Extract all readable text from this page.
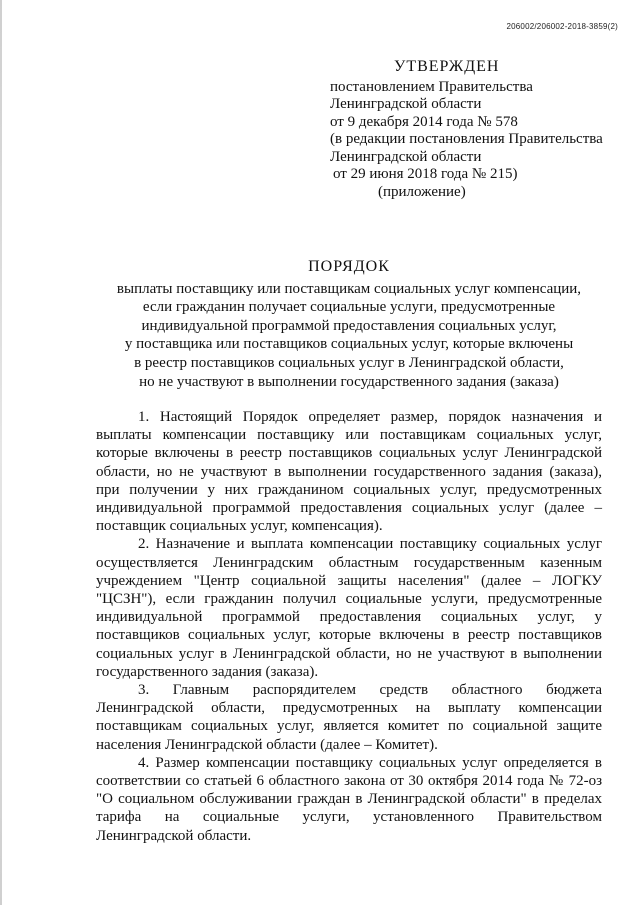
206002/206002-2018-3859(2)
УТВЕРЖДЕН
постановлением Правительства
Ленинградской области
от 9 декабря 2014 года № 578
(в редакции постановления Правительства
Ленинградской области
от 29 июня 2018 года № 215)
(приложение)
ПОРЯДОК
выплаты поставщику или поставщикам социальных услуг компенсации,
если гражданин получает социальные услуги, предусмотренные
индивидуальной программой предоставления социальных услуг,
у поставщика или поставщиков социальных услуг, которые включены
в реестр поставщиков социальных услуг в Ленинградской области,
но не участвуют в выполнении государственного задания (заказа)

1. Настоящий Порядок определяет размер, порядок назначения и выплаты компенсации поставщику или поставщикам социальных услуг, которые включены в реестр поставщиков социальных услуг Ленинградской области, но не участвуют в выполнении государственного задания (заказа), при получении у них гражданином социальных услуг, предусмотренных индивидуальной программой предоставления социальных услуг (далее – поставщик социальных услуг, компенсация).

2. Назначение и выплата компенсации поставщику социальных услуг осуществляется Ленинградским областным государственным казенным учреждением "Центр социальной защиты населения" (далее – ЛОГКУ "ЦСЗН"), если гражданин получил социальные услуги, предусмотренные индивидуальной программой предоставления социальных услуг, у поставщиков социальных услуг, которые включены в реестр поставщиков социальных услуг в Ленинградской области, но не участвуют в выполнении государственного задания (заказа).

3. Главным распорядителем средств областного бюджета Ленинградской области, предусмотренных на выплату компенсации поставщикам социальных услуг, является комитет по социальной защите населения Ленинградской области (далее – Комитет).

4. Размер компенсации поставщику социальных услуг определяется в соответствии со статьей 6 областного закона от 30 октября 2014 года № 72-оз "О социальном обслуживании граждан в Ленинградской области" в пределах тарифа на социальные услуги, установленного Правительством Ленинградской области.
